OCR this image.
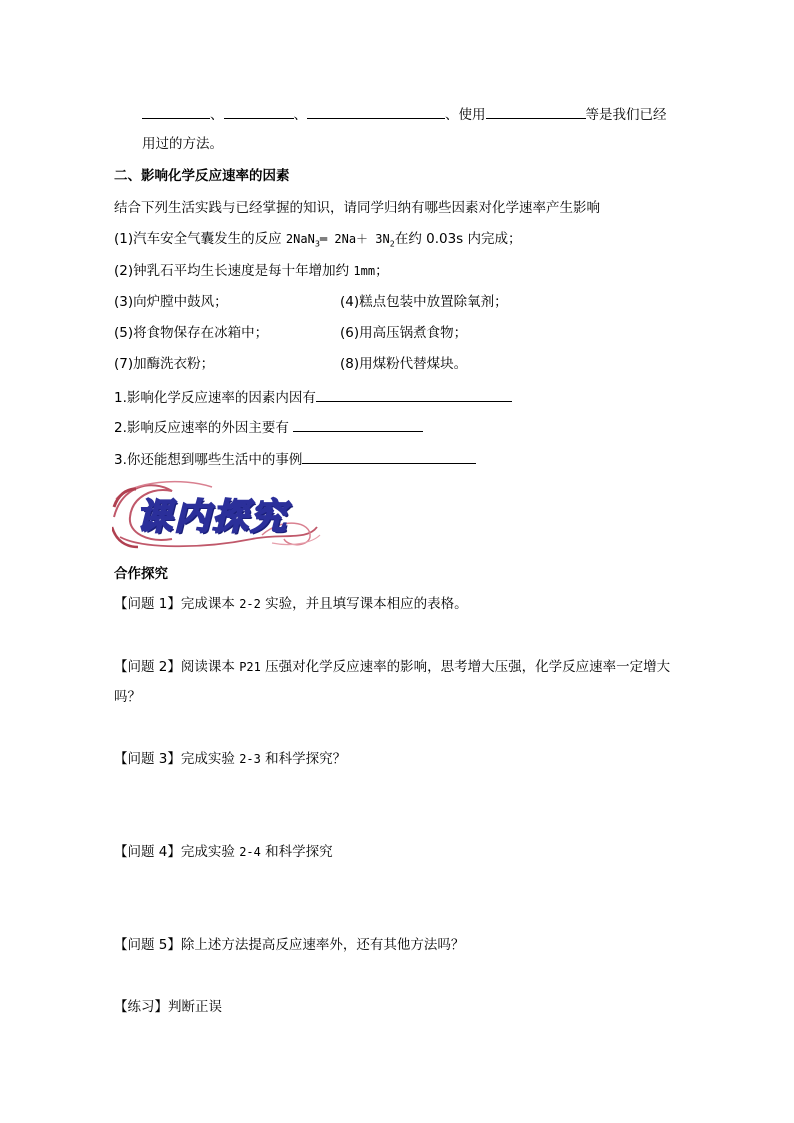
、	、	、使用	等是我们已经
用过的方法。
二、影响化学反应速率的因素
结合下列生活实践与已经掌握的知识，请同学归纳有哪些因素对化学速率产生影响
(1)汽车安全气囊发生的反应 2NaN$_3$═ $2Na+ 3N_2$在约 0.03s 内完成；
(2)钟乳石平均生长速度是每十年增加约 1mm；
(3)向炉膛中鼓风；	(4)糕点包装中放置除氧剂；
(5)将食物保存在冰箱中；	(6)用高压锅煮食物；
(7)加酶洗衣粉；	(8)用煤粉代替煤块。
1.影响化学反应速率的因素内因有
2.影响反应速率的外因主要有
3.你还能想到哪些生活中的事例
课内探究
合作探究
【问题 1】完成课本 2-2 实验，并且填写课本相应的表格。
【问题 2】阅读课本 P21 压强对化学反应速率的影响，思考增大压强，化学反应速率一定增大
吗？
【问题 3】完成实验 2-3 和科学探究？
【问题 4】完成实验 2-4 和科学探究
【问题 5】除上述方法提高反应速率外，还有其他方法吗？
【练习】判断正误
